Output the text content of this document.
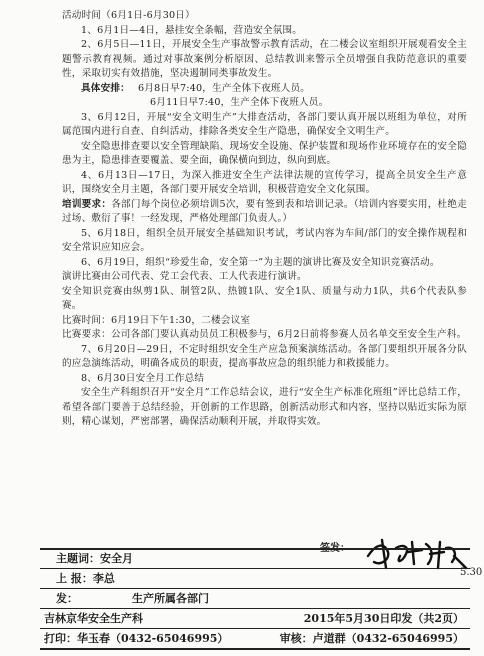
活动时间（6月1日-6月30日）
1、6月1日—4日，悬挂安全条幅，营造安全氛围。
2、6月5日—11日，开展安全生产事故警示教育活动，在二楼会议室组织开展观看安全主题警示教育视频。通过对事故案例分析原因、总结教训来警示全员增强自我防范意识的重要性，采取切实有效措施，坚决遏制同类事故发生。
具体安排： 6月8日早7:40，生产全体下夜班人员。
6月11日早7:40，生产全体下夜班人员。
3、6月12日，开展“安全文明生产”大排查活动，各部门要认真开展以班组为单位，对所属范围内进行自查、自纠活动，排除各类安全生产隐患，确保安全文明生产。
安全隐患排查要以安全管理缺陷、现场安全设施、保护装置和现场作业环境存在的安全隐患为主，隐患排查要覆盖、要全面，确保横向到边，纵向到底。
4、6月13日—17日，为深入推进安全生产法律法规的宣传学习，提高全员安全生产意识，围绕安全月主题，各部门要开展安全培训，积极营造安全文化氛围。
培训要求：各部门每个岗位必须培训5次，要有签到表和培训记录。（培训内容要实用，杜绝走过场、敷衍了事！一经发现，严格处理部门负责人。）
5、6月18日，组织全员开展安全基础知识考试，考试内容为车间/部门的安全操作规程和安全常识应知应会。
6、6月19日，组织“珍爱生命，安全第一”为主题的演讲比赛及安全知识竞赛活动。
演讲比赛由公司代表、党工会代表、工人代表进行演讲。
安全知识竞赛由纵剪1队、制管2队、热镀1队、安全1队、质量与动力1队，共6个代表队参赛。
比赛时间：6月19日下午1:30，二楼会议室
比赛要求：公司各部门要认真动员员工积极参与，6月2日前将参赛人员名单交至安全生产科。
7、6月20日—29日，不定时组织安全生产应急预案演练活动。各部门要组织开展各分队的应急演练活动，明确各成员的职责，提高事故应急的组织能力和救援能力。
8、6月30日安全月工作总结
安全生产科组织召开“安全月”工作总结会议，进行“安全生产标准化班组”评比总结工作，希望各部门要善于总结经验，开创新的工作思路，创新活动形式和内容，坚持以贴近实际为原则，精心谋划，严密部署，确保活动顺利开展，并取得实效。
签发：
5.30
主题词：安全月
上 报：李总
发：	生产所属各部门
吉林京华安全生产科	2015年5月30日印发（共2页）
打印：华玉春（0432-65046995）	审核：卢道群（0432-65046995）
